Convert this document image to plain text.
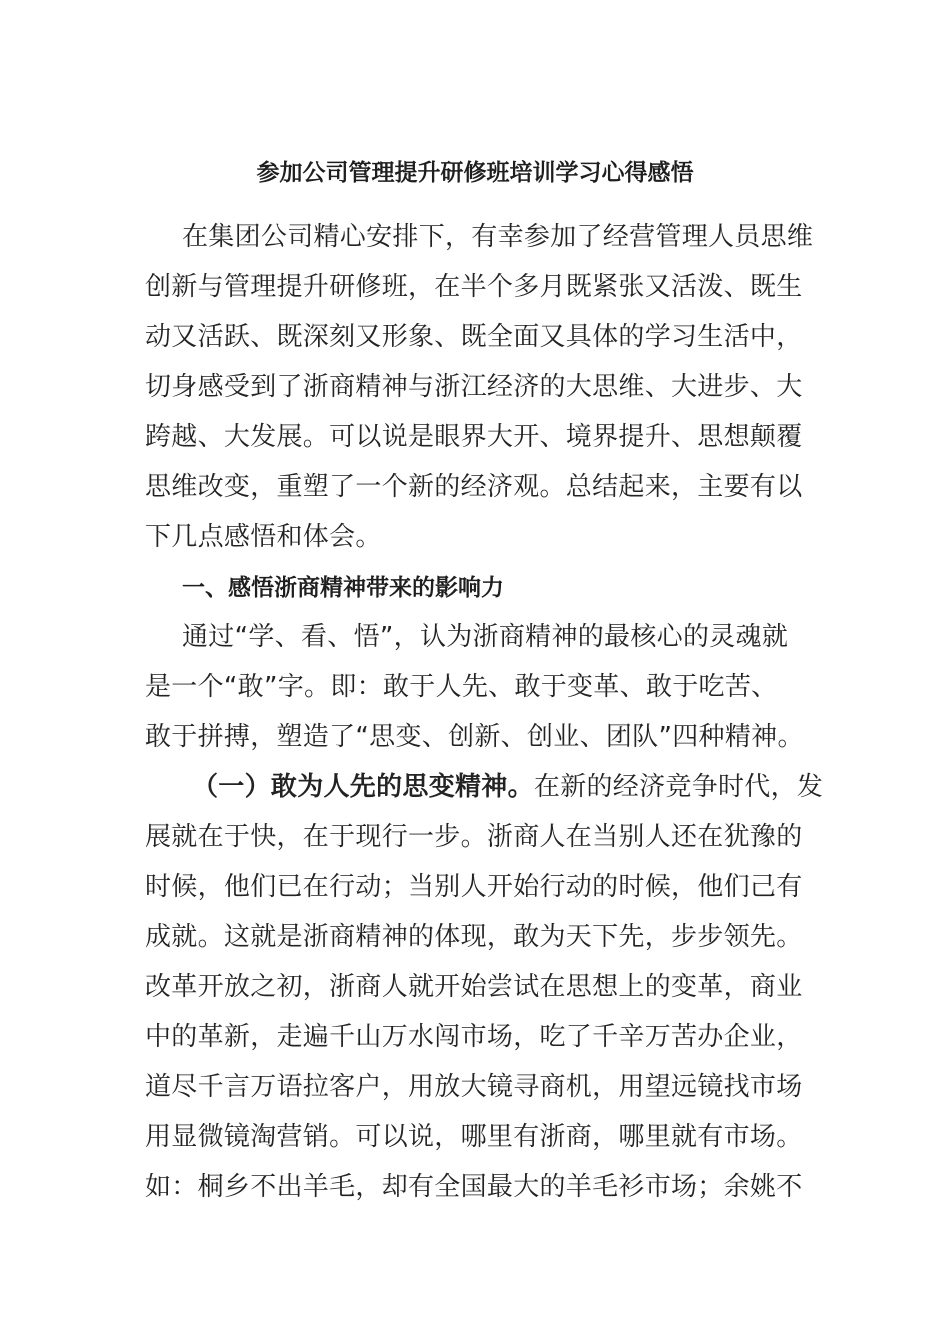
参加公司管理提升研修班培训学习心得感悟
在集团公司精心安排下，有幸参加了经营管理人员思维
创新与管理提升研修班，在半个多月既紧张又活泼、既生
动又活跃、既深刻又形象、既全面又具体的学习生活中，
切身感受到了浙商精神与浙江经济的大思维、大进步、大
跨越、大发展。可以说是眼界大开、境界提升、思想颠覆
思维改变，重塑了一个新的经济观。总结起来，主要有以
下几点感悟和体会。
一、感悟浙商精神带来的影响力
通过“学、看、悟”，认为浙商精神的最核心的灵魂就
是一个“敢”字。即：敢于人先、敢于变革、敢于吃苦、
敢于拼搏，塑造了“思变、创新、创业、团队”四种精神。
（一）敢为人先的思变精神。在新的经济竞争时代，发
展就在于快，在于现行一步。浙商人在当别人还在犹豫的
时候，他们已在行动；当别人开始行动的时候，他们己有
成就。这就是浙商精神的体现，敢为天下先，步步领先。
改革开放之初，浙商人就开始尝试在思想上的变革，商业
中的革新，走遍千山万水闯市场，吃了千辛万苦办企业，
道尽千言万语拉客户，用放大镜寻商机，用望远镜找市场
用显微镜淘营销。可以说，哪里有浙商，哪里就有市场。
如：桐乡不出羊毛，却有全国最大的羊毛衫市场；余姚不
